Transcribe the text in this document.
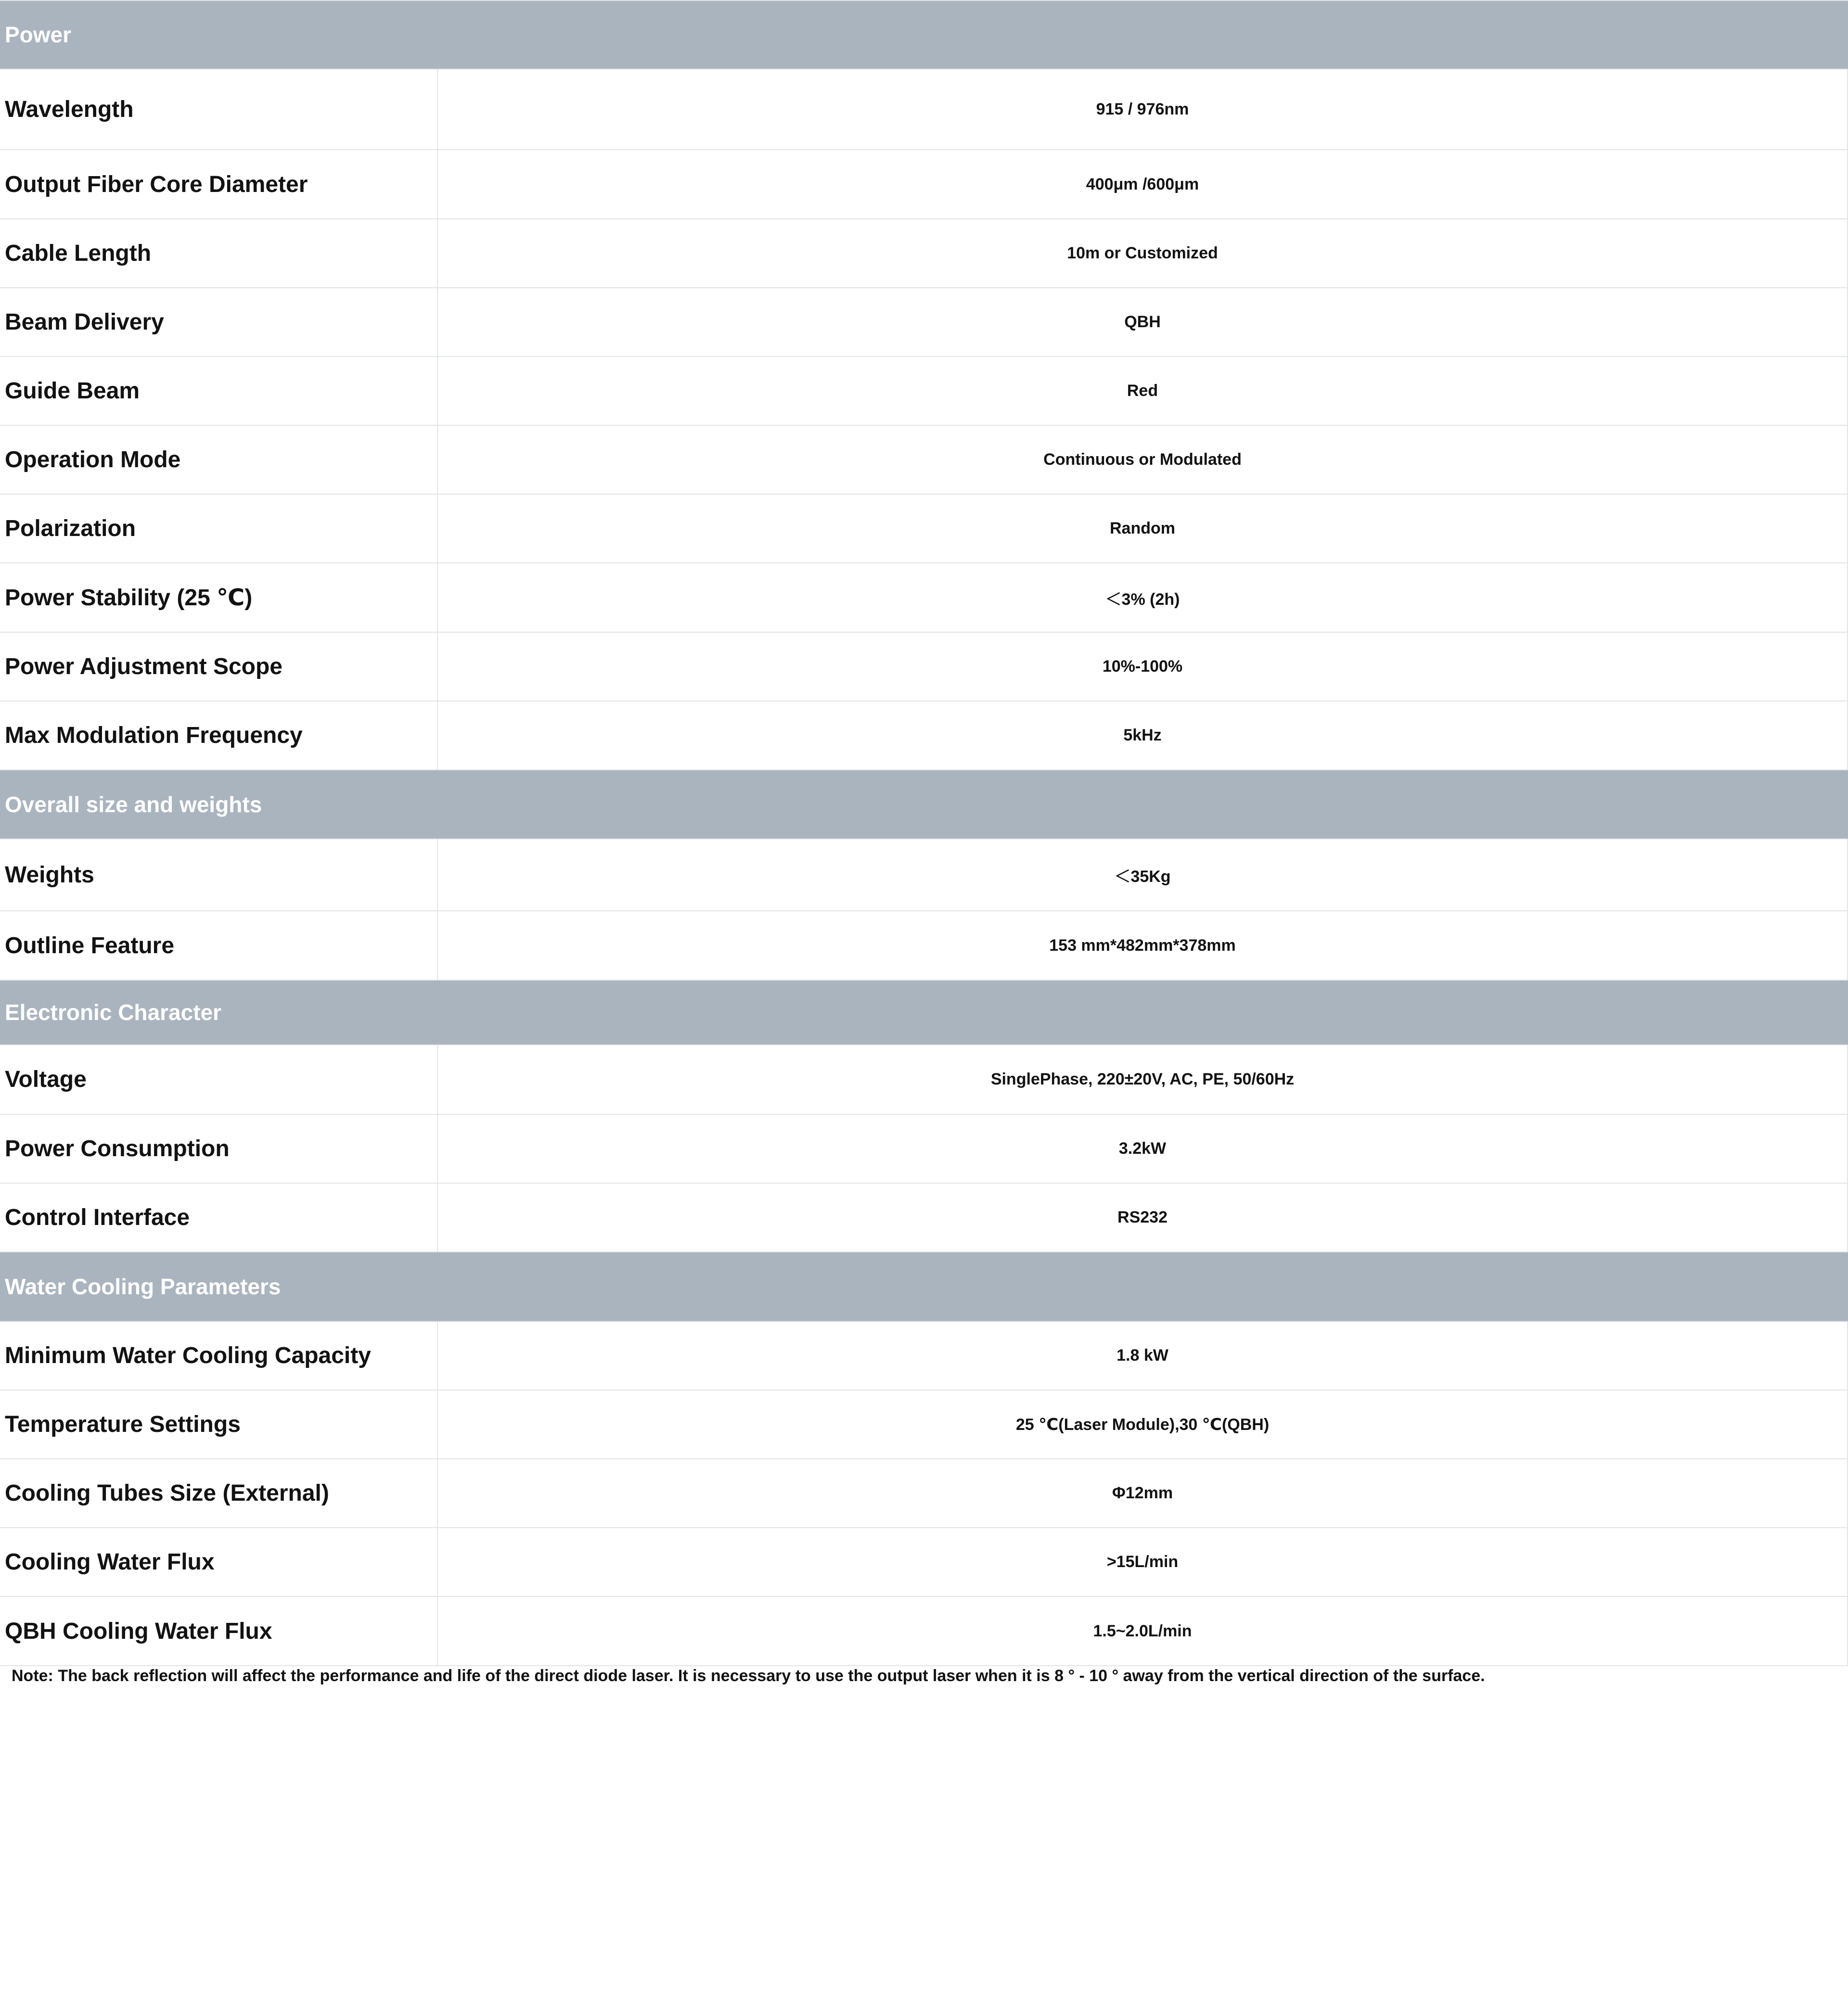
Power
Wavelength	915 / 976nm
Output Fiber Core Diameter	400μm /600μm
Cable Length	10m or Customized
Beam Delivery	QBH
Guide Beam	Red
Operation Mode	Continuous or Modulated
Polarization	Random
Power Stability (25 ℃)	＜3% (2h)
Power Adjustment Scope	10%-100%
Max Modulation Frequency	5kHz
Overall size and weights
Weights	＜35Kg
Outline Feature	153 mm*482mm*378mm
Electronic Character
Voltage	SinglePhase, 220±20V, AC, PE, 50/60Hz
Power Consumption	3.2kW
Control Interface	RS232
Water Cooling Parameters
Minimum Water Cooling Capacity	1.8 kW
Temperature Settings	25 ℃(Laser Module),30 ℃(QBH)
Cooling Tubes Size (External)	Φ12mm
Cooling Water Flux	>15L/min
QBH Cooling Water Flux	1.5~2.0L/min
Note: The back reflection will affect the performance and life of the direct diode laser. It is necessary to use the output laser when it is 8 ° - 10 ° away from the vertical direction of the surface.
